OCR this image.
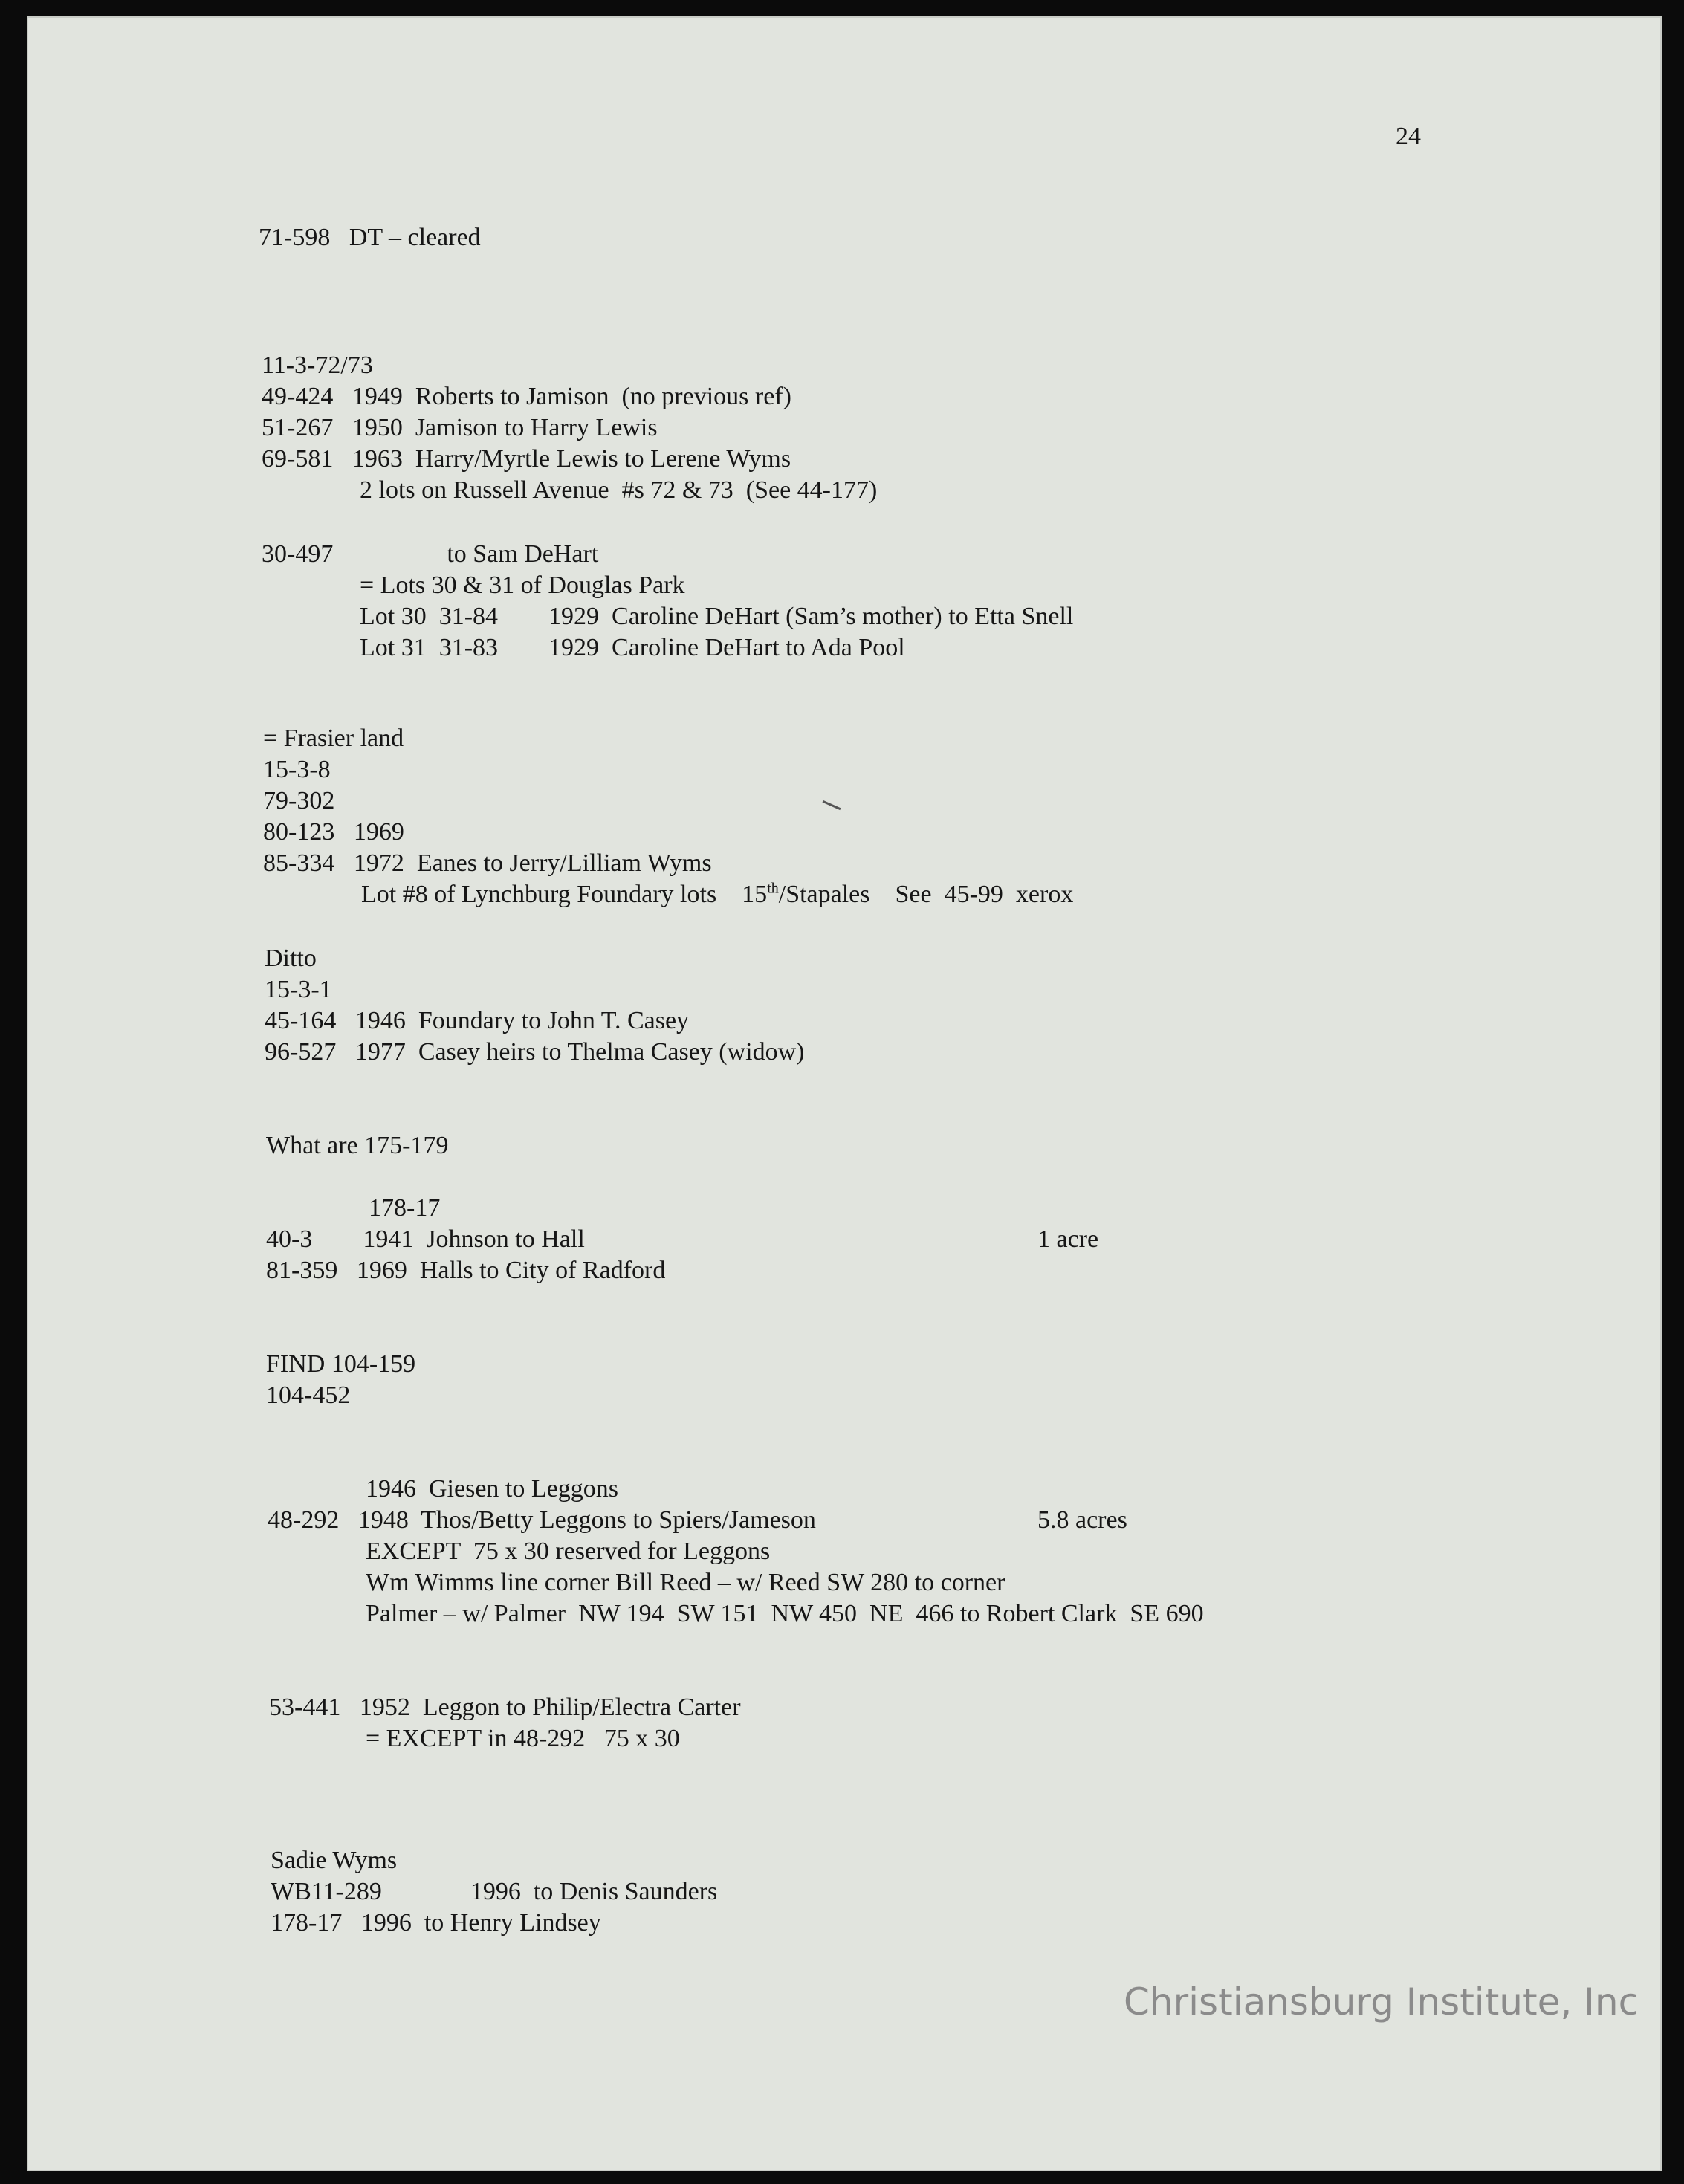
24
71-598   DT – cleared
11-3-72/73
49-424   1949  Roberts to Jamison  (no previous ref)
51-267   1950  Jamison to Harry Lewis
69-581   1963  Harry/Myrtle Lewis to Lerene Wyms
2 lots on Russell Avenue  #s 72 & 73  (See 44-177)
30-497                  to Sam DeHart
= Lots 30 & 31 of Douglas Park
Lot 30  31-84        1929  Caroline DeHart (Sam’s mother) to Etta Snell
Lot 31  31-83        1929  Caroline DeHart to Ada Pool
= Frasier land
15-3-8
79-302
80-123   1969
85-334   1972  Eanes to Jerry/Lilliam Wyms
Lot #8 of Lynchburg Foundary lots    15th/Stapales    See  45-99  xerox
Ditto
15-3-1
45-164   1946  Foundary to John T. Casey
96-527   1977  Casey heirs to Thelma Casey (widow)
What are 175-179
178-17
40-3        1941  Johnson to Hall	1 acre
81-359   1969  Halls to City of Radford
FIND 104-159
104-452
1946  Giesen to Leggons
48-292   1948  Thos/Betty Leggons to Spiers/Jameson	5.8 acres
EXCEPT  75 x 30 reserved for Leggons
Wm Wimms line corner Bill Reed – w/ Reed SW 280 to corner
Palmer – w/ Palmer  NW 194  SW 151  NW 450  NE  466 to Robert Clark  SE 690
53-441   1952  Leggon to Philip/Electra Carter
= EXCEPT in 48-292   75 x 30
Sadie Wyms
WB11-289              1996  to Denis Saunders
178-17   1996  to Henry Lindsey
Christiansburg Institute, Inc
